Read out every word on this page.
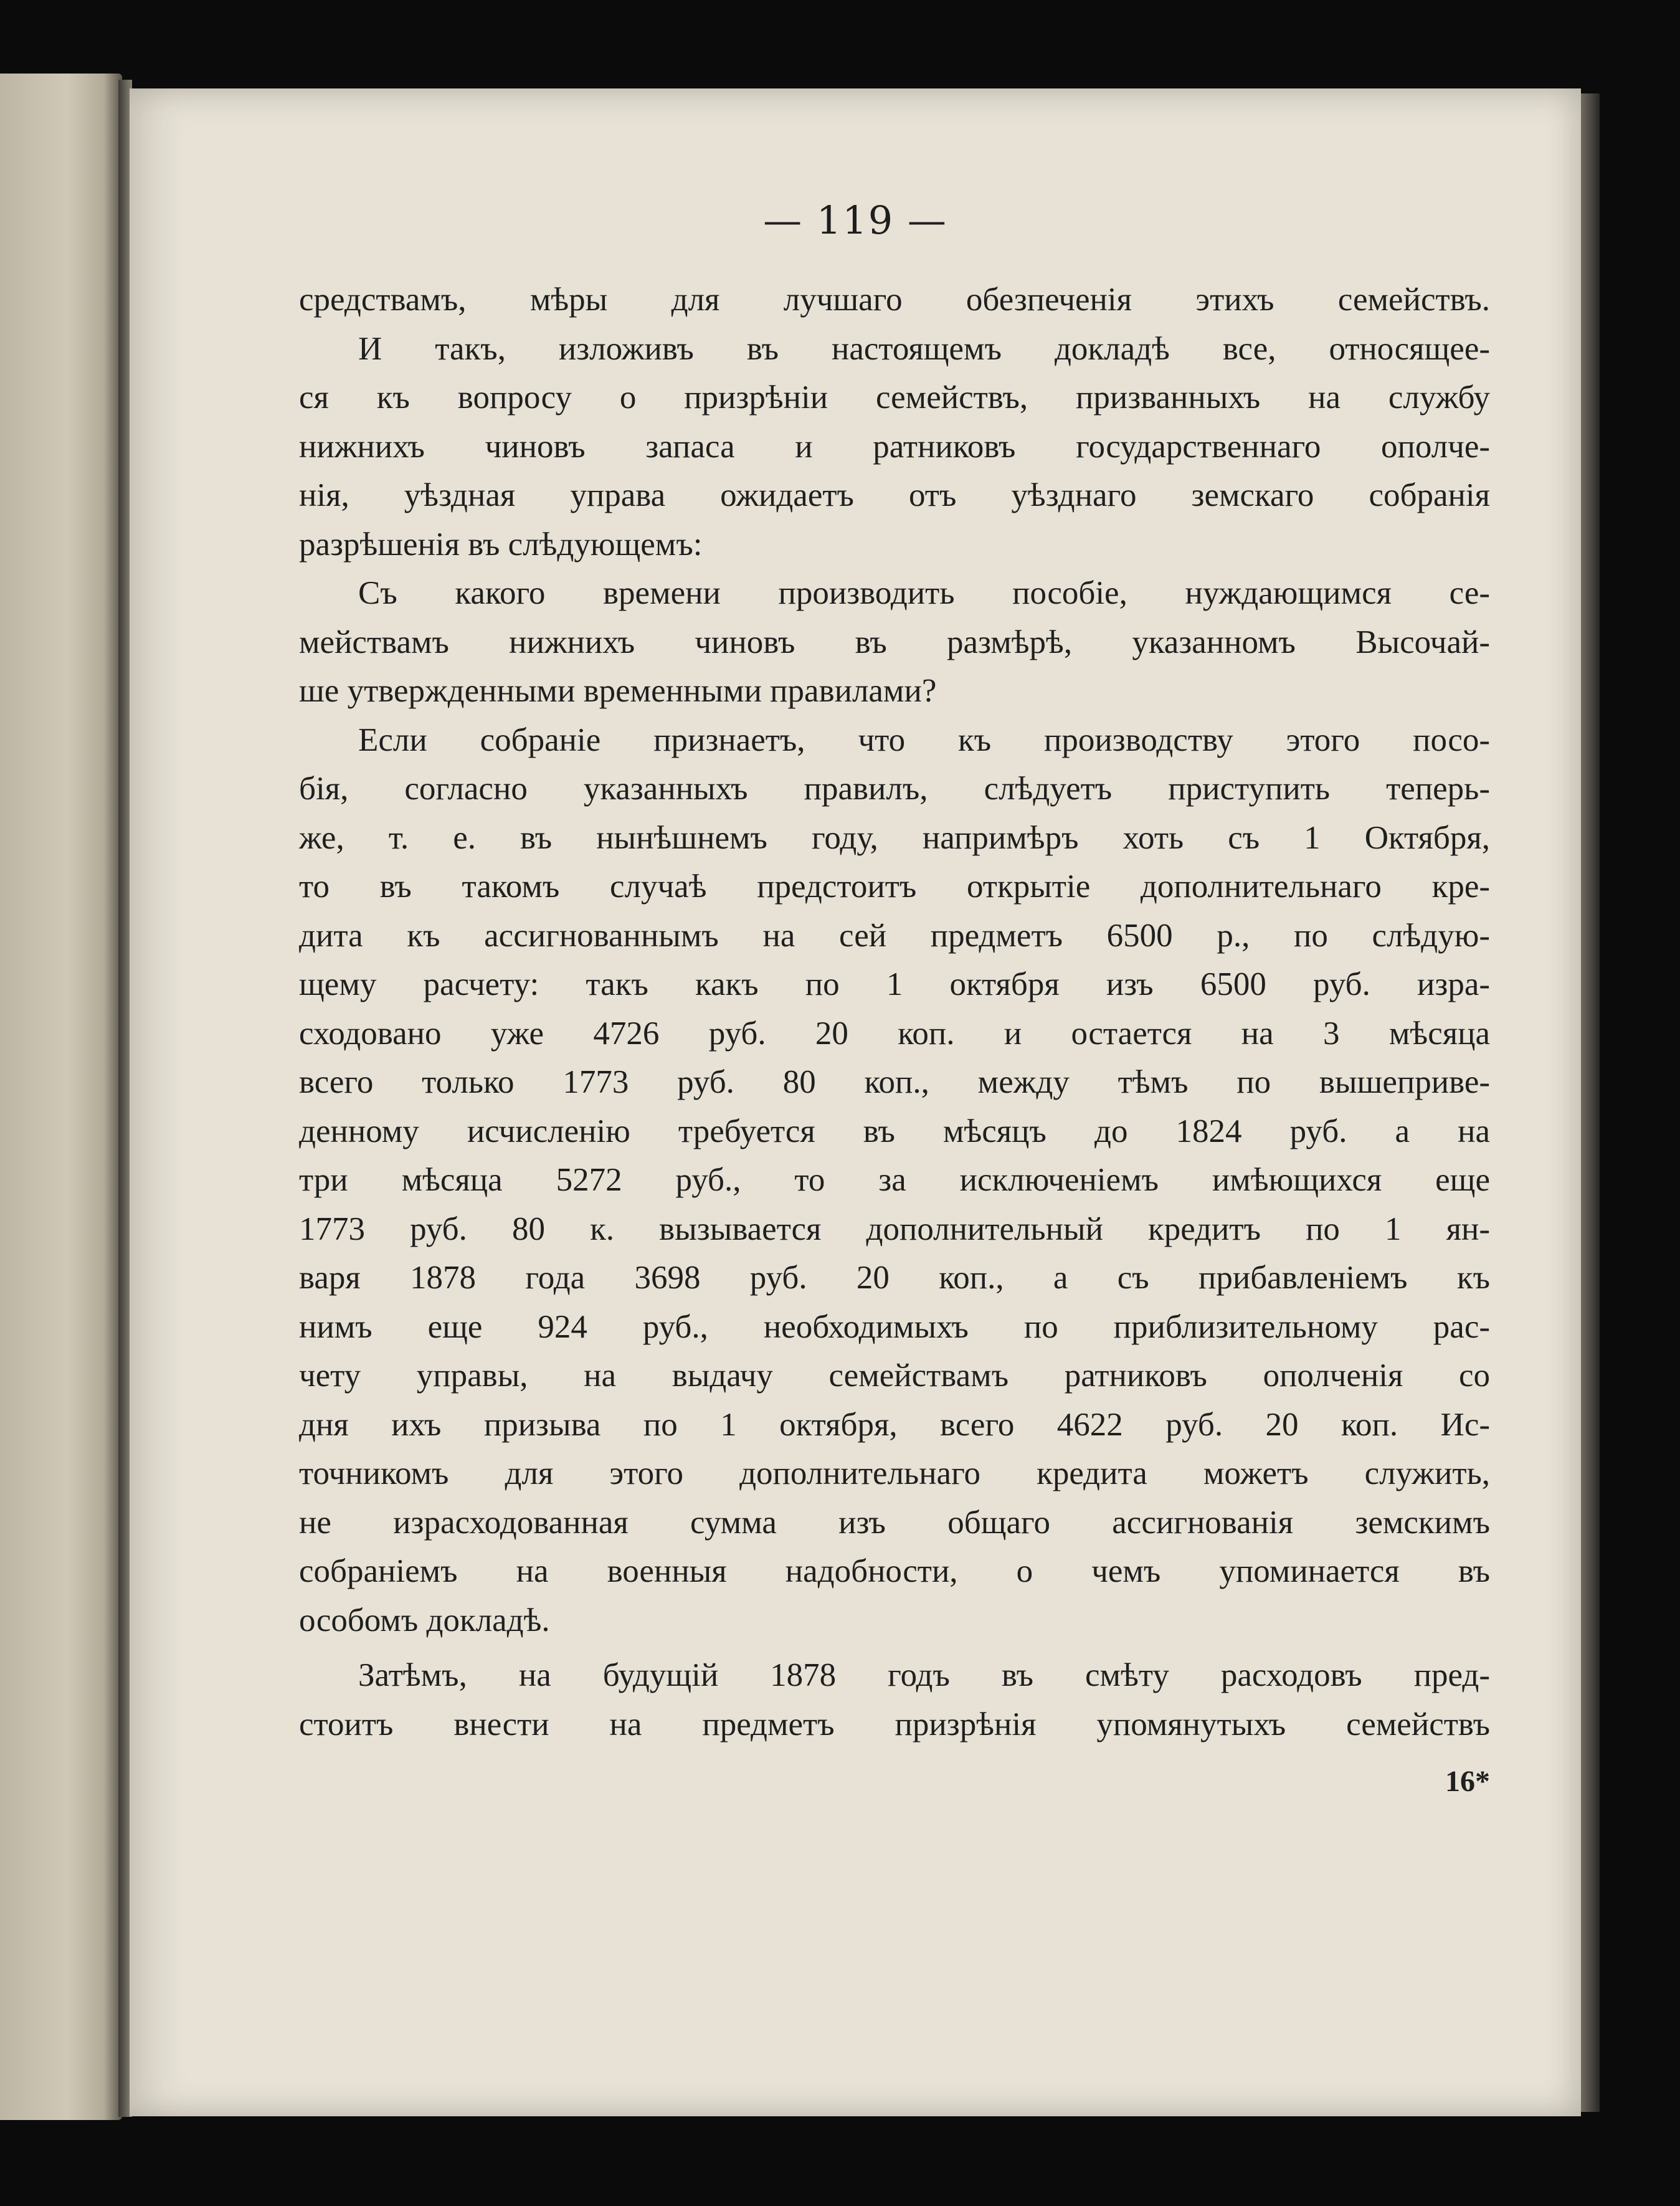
— 119 —
средствамъ, мѣры для лучшаго обезпеченія этихъ семействъ.
И такъ, изложивъ въ настоящемъ докладѣ все, относящее-
ся къ вопросу о призрѣніи семействъ, призванныхъ на службу
нижнихъ чиновъ запаса и ратниковъ государственнаго ополче-
нія, уѣздная управа ожидаетъ отъ уѣзднаго земскаго собранія
разрѣшенія въ слѣдующемъ:
Съ какого времени производить пособіе, нуждающимся се-
мействамъ нижнихъ чиновъ въ размѣрѣ, указанномъ Высочай-
ше утвержденными временными правилами?
Если собраніе признаетъ, что къ производству этого посо-
бія, согласно указанныхъ правилъ, слѣдуетъ приступить теперь-
же, т. е. въ нынѣшнемъ году, напримѣръ хоть съ 1 Октября,
то въ такомъ случаѣ предстоитъ открытіе дополнительнаго кре-
дита къ ассигнованнымъ на сей предметъ 6500 р., по слѣдую-
щему расчету: такъ какъ по 1 октября изъ 6500 руб. изра-
сходовано уже 4726 руб. 20 коп. и остается на 3 мѣсяца
всего только 1773 руб. 80 коп., между тѣмъ по вышеприве-
денному исчисленію требуется въ мѣсяцъ до 1824 руб. а на
три мѣсяца 5272 руб., то за исключеніемъ имѣющихся еще
1773 руб. 80 к. вызывается дополнительный кредитъ по 1 ян-
варя 1878 года 3698 руб. 20 коп., а съ прибавленіемъ къ
нимъ еще 924 руб., необходимыхъ по приблизительному рас-
чету управы, на выдачу семействамъ ратниковъ ополченія со
дня ихъ призыва по 1 октября, всего 4622 руб. 20 коп. Ис-
точникомъ для этого дополнительнаго кредита можетъ служить,
не израсходованная сумма изъ общаго ассигнованія земскимъ
собраніемъ на военныя надобности, о чемъ упоминается въ
особомъ докладѣ.
Затѣмъ, на будущій 1878 годъ въ смѣту расходовъ пред-
стоитъ внести на предметъ призрѣнія упомянутыхъ семействъ
16*
